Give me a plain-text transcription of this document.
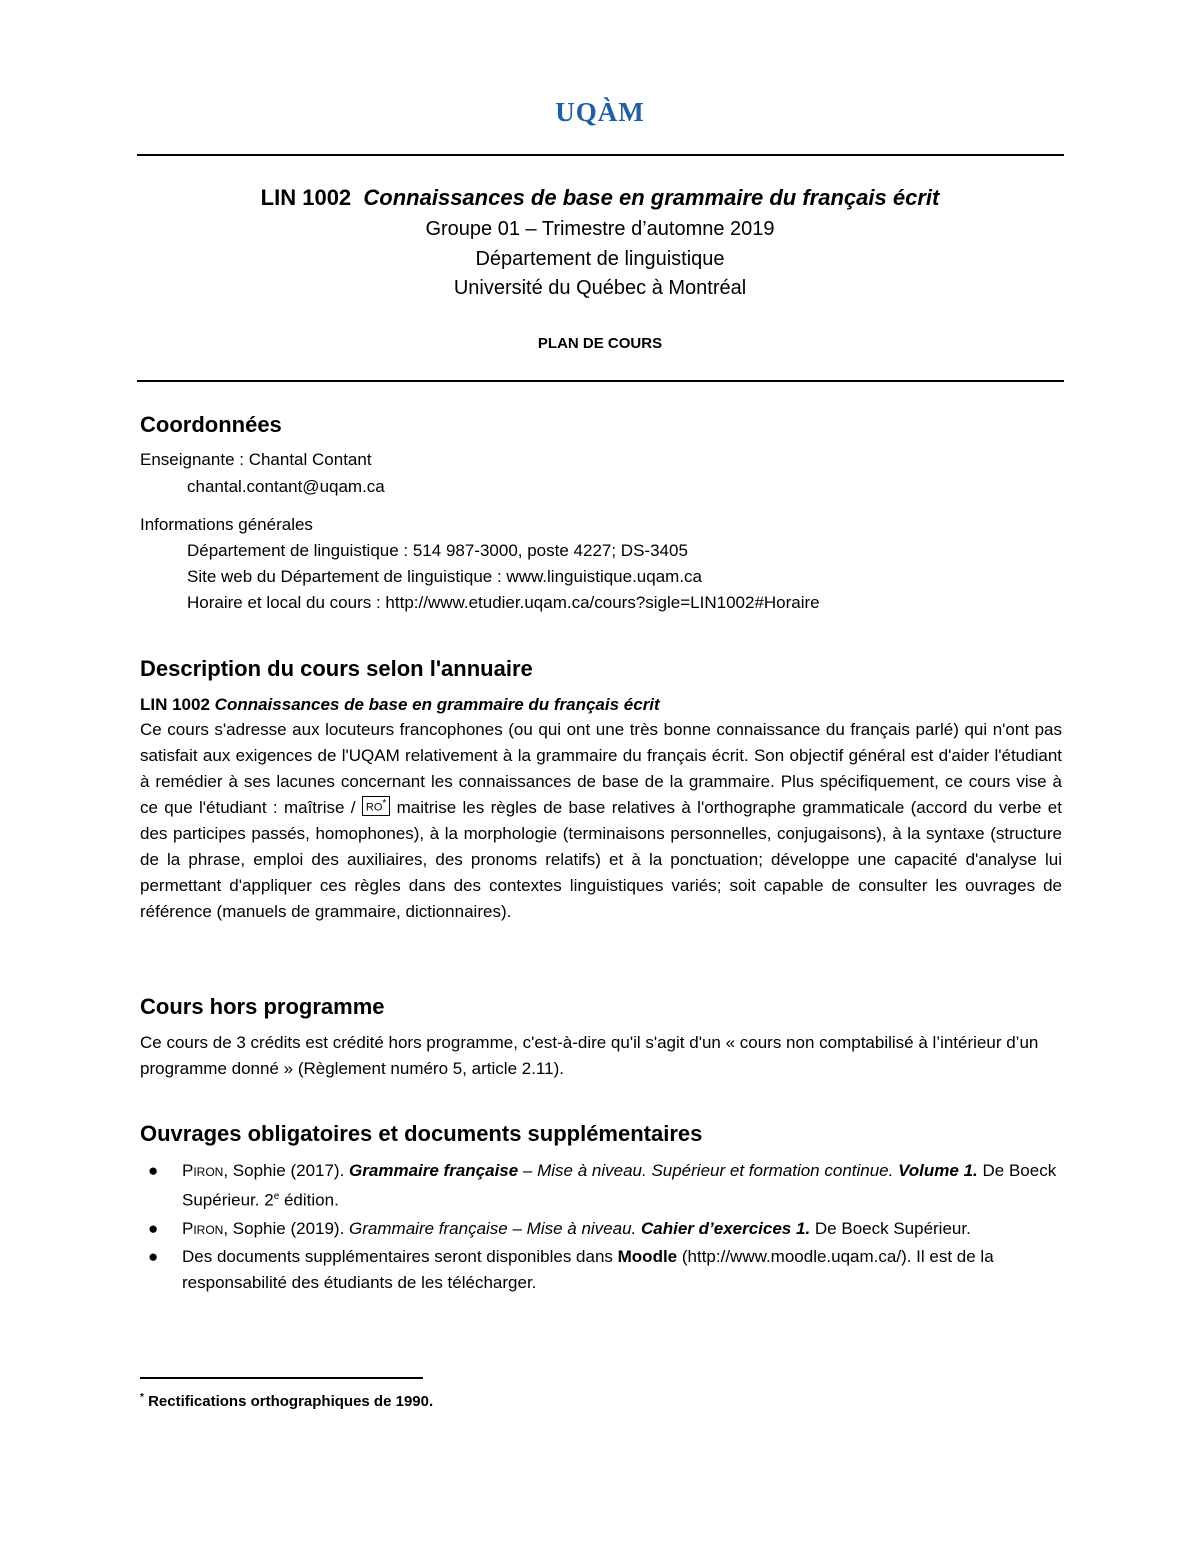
UQÀM
LIN 1002 Connaissances de base en grammaire du français écrit
Groupe 01 – Trimestre d’automne 2019
Département de linguistique
Université du Québec à Montréal
PLAN DE COURS
Coordonnées
Enseignante : Chantal Contant
chantal.contant@uqam.ca
Informations générales
Département de linguistique : 514 987-3000, poste 4227; DS-3405
Site web du Département de linguistique : www.linguistique.uqam.ca
Horaire et local du cours : http://www.etudier.uqam.ca/cours?sigle=LIN1002#Horaire
Description du cours selon l'annuaire
LIN 1002 Connaissances de base en grammaire du français écrit
Ce cours s'adresse aux locuteurs francophones (ou qui ont une très bonne connaissance du français parlé) qui n'ont pas satisfait aux exigences de l'UQAM relativement à la grammaire du français écrit. Son objectif général est d'aider l'étudiant à remédier à ses lacunes concernant les connaissances de base de la grammaire. Plus spécifiquement, ce cours vise à ce que l'étudiant : maîtrise / RO* maitrise les règles de base relatives à l'orthographe grammaticale (accord du verbe et des participes passés, homophones), à la morphologie (terminaisons personnelles, conjugaisons), à la syntaxe (structure de la phrase, emploi des auxiliaires, des pronoms relatifs) et à la ponctuation; développe une capacité d'analyse lui permettant d'appliquer ces règles dans des contextes linguistiques variés; soit capable de consulter les ouvrages de référence (manuels de grammaire, dictionnaires).
Cours hors programme
Ce cours de 3 crédits est crédité hors programme, c'est-à-dire qu'il s'agit d'un « cours non comptabilisé à l’intérieur d’un programme donné » (Règlement numéro 5, article 2.11).
Ouvrages obligatoires et documents supplémentaires
● Piron, Sophie (2017). Grammaire française – Mise à niveau. Supérieur et formation continue. Volume 1. De Boeck Supérieur. 2e édition.
● Piron, Sophie (2019). Grammaire française – Mise à niveau. Cahier d’exercices 1. De Boeck Supérieur.
● Des documents supplémentaires seront disponibles dans Moodle (http://www.moodle.uqam.ca/). Il est de la responsabilité des étudiants de les télécharger.
* Rectifications orthographiques de 1990.
